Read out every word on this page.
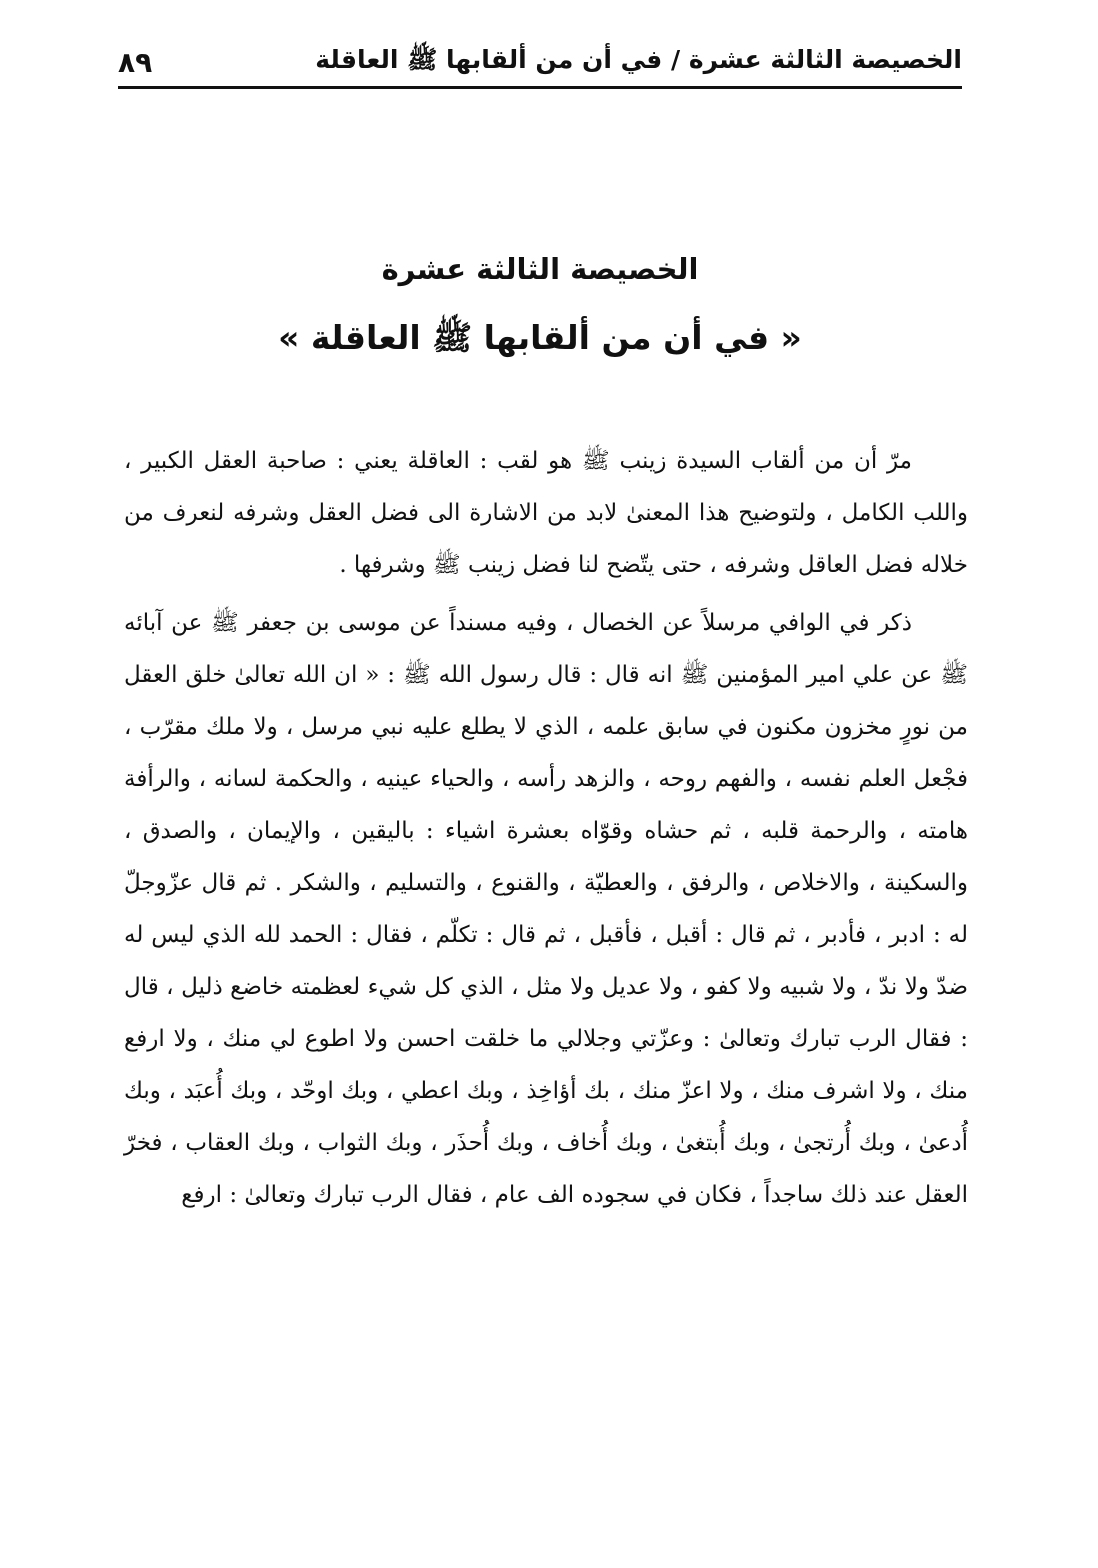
الخصيصة الثالثة عشرة / في أن من ألقابها ﷺ العاقلة
٨٩
الخصيصة الثالثة عشرة
« في أن من ألقابها ﷺ العاقلة »

مرّ أن من ألقاب السيدة زينب ﷺ هو لقب : العاقلة يعني : صاحبة العقل الكبير ، واللب الكامل ، ولتوضيح هذا المعنىٰ لابد من الاشارة الى فضل العقل وشرفه لنعرف من خلاله فضل العاقل وشرفه ، حتى يتّضح لنا فضل زينب ﷺ وشرفها .

ذكر في الوافي مرسلاً عن الخصال ، وفيه مسنداً عن موسى بن جعفر ﷺ عن آبائه ﷺ عن علي امير المؤمنين ﷺ انه قال : قال رسول الله ﷺ : « ان الله تعالىٰ خلق العقل من نورٍ مخزون مكنون في سابق علمه ، الذي لا يطلع عليه نبي مرسل ، ولا ملك مقرّب ، فجْعل العلم نفسه ، والفهم روحه ، والزهد رأسه ، والحياء عينيه ، والحكمة لسانه ، والرأفة هامته ، والرحمة قلبه ، ثم حشاه وقوّاه بعشرة اشياء : باليقين ، والإيمان ، والصدق ، والسكينة ، والاخلاص ، والرفق ، والعطيّة ، والقنوع ، والتسليم ، والشكر . ثم قال عزّوجلّ له : ادبر ، فأدبر ، ثم قال : أقبل ، فأقبل ، ثم قال : تكلّم ، فقال : الحمد لله الذي ليس له ضدّ ولا ندّ ، ولا شبيه ولا كفو ، ولا عديل ولا مثل ، الذي كل شيء لعظمته خاضع ذليل ، قال : فقال الرب تبارك وتعالىٰ : وعزّتي وجلالي ما خلقت احسن ولا اطوع لي منك ، ولا ارفع منك ، ولا اشرف منك ، ولا اعزّ منك ، بك أؤاخِذ ، وبك اعطي ، وبك اوحّد ، وبك أُعبَد ، وبك أُدعىٰ ، وبك أُرتجىٰ ، وبك أُبتغىٰ ، وبك أُخاف ، وبك أُحذَر ، وبك الثواب ، وبك العقاب ، فخرّ العقل عند ذلك ساجداً ، فكان في سجوده الف عام ، فقال الرب تبارك وتعالىٰ : ارفع
